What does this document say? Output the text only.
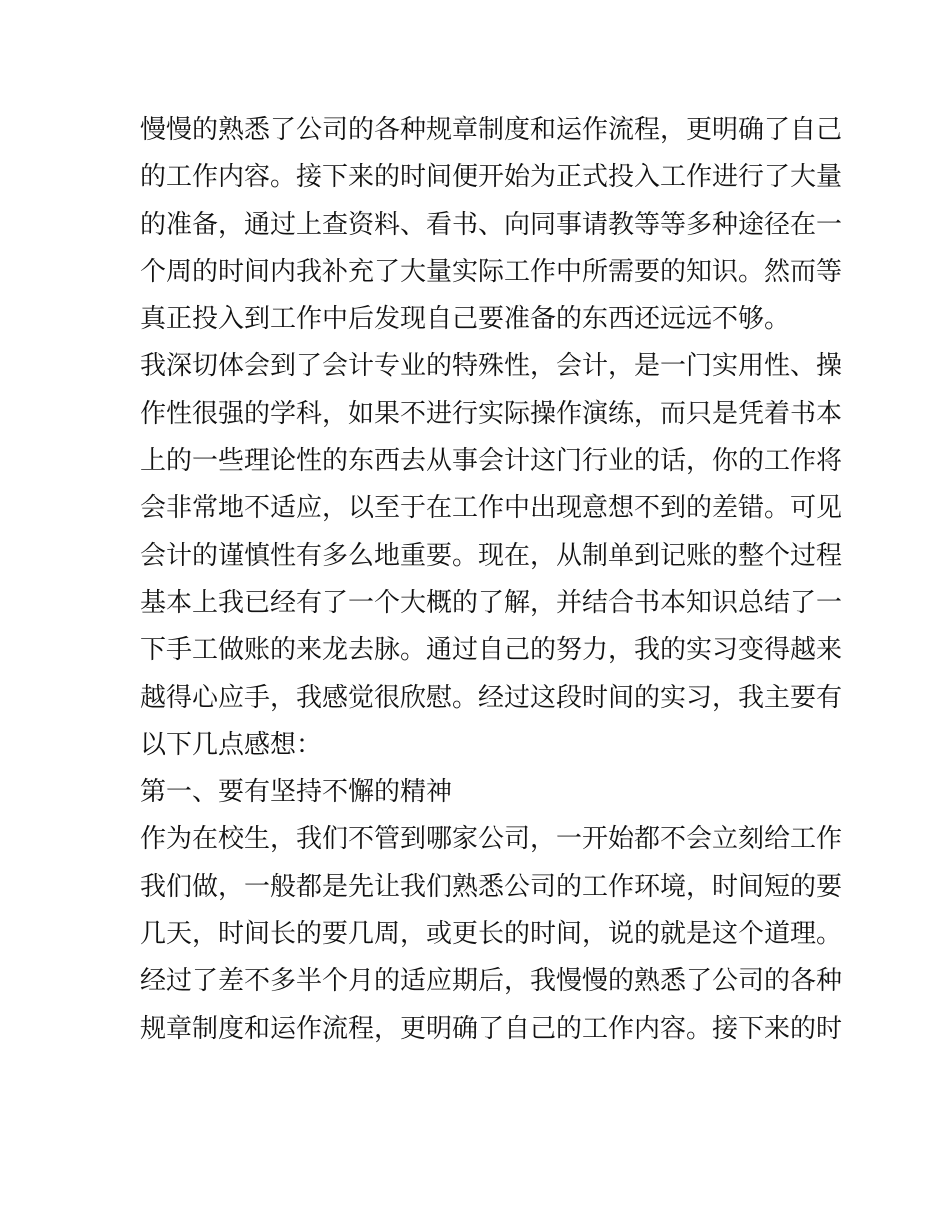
慢慢的熟悉了公司的各种规章制度和运作流程，更明确了自己
的工作内容。接下来的时间便开始为正式投入工作进行了大量
的准备，通过上查资料、看书、向同事请教等等多种途径在一
个周的时间内我补充了大量实际工作中所需要的知识。然而等
真正投入到工作中后发现自己要准备的东西还远远不够。
我深切体会到了会计专业的特殊性，会计，是一门实用性、操
作性很强的学科，如果不进行实际操作演练，而只是凭着书本
上的一些理论性的东西去从事会计这门行业的话，你的工作将
会非常地不适应，以至于在工作中出现意想不到的差错。可见
会计的谨慎性有多么地重要。现在，从制单到记账的整个过程
基本上我已经有了一个大概的了解，并结合书本知识总结了一
下手工做账的来龙去脉。通过自己的努力，我的实习变得越来
越得心应手，我感觉很欣慰。经过这段时间的实习，我主要有
以下几点感想：
第一、要有坚持不懈的精神
作为在校生，我们不管到哪家公司，一开始都不会立刻给工作
我们做，一般都是先让我们熟悉公司的工作环境，时间短的要
几天，时间长的要几周，或更长的时间，说的就是这个道理。
经过了差不多半个月的适应期后，我慢慢的熟悉了公司的各种
规章制度和运作流程，更明确了自己的工作内容。接下来的时
